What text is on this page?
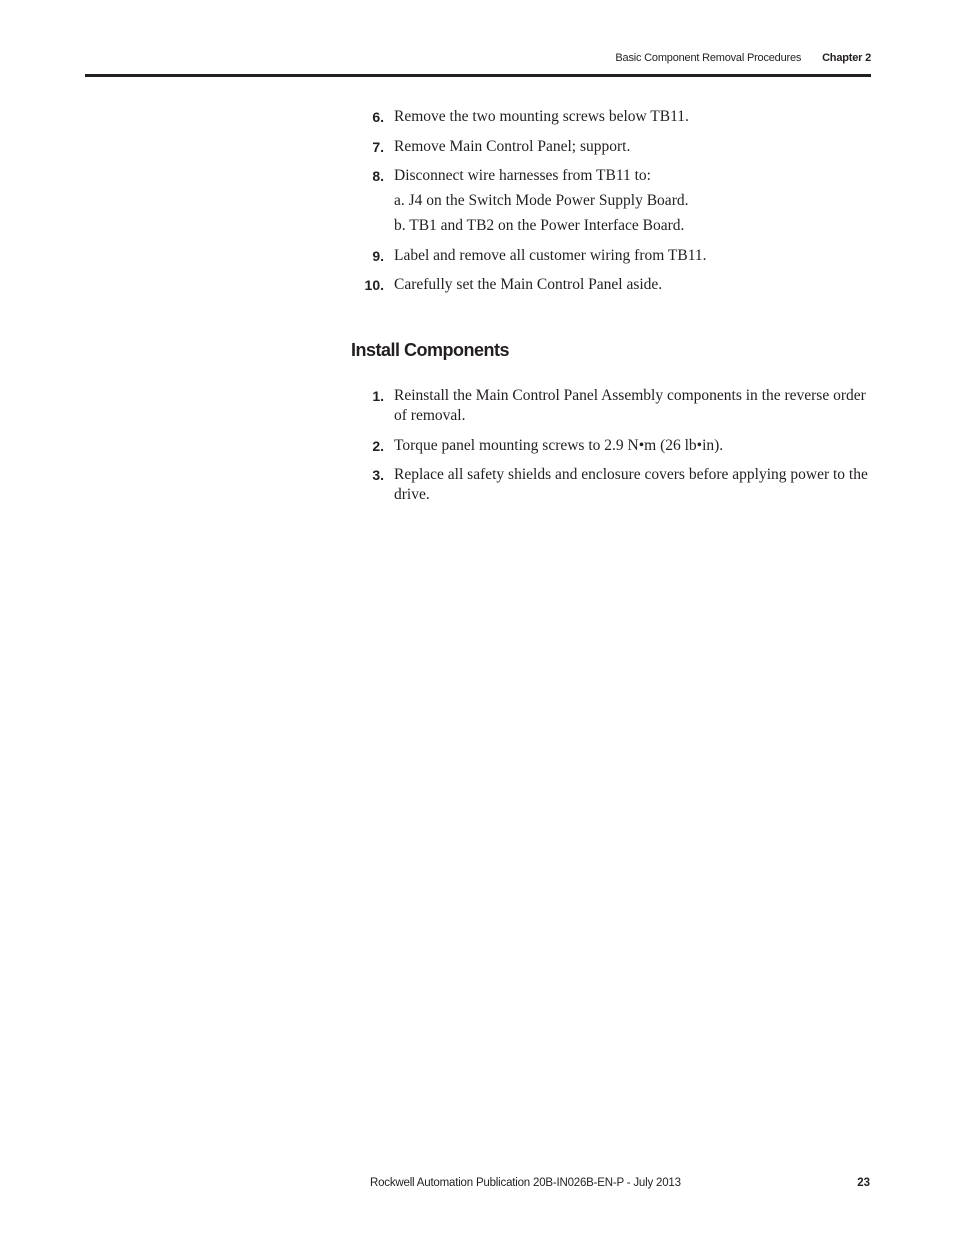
Basic Component Removal Procedures Chapter 2
6. Remove the two mounting screws below TB11.
7. Remove Main Control Panel; support.
8. Disconnect wire harnesses from TB11 to:
a. J4 on the Switch Mode Power Supply Board.
b. TB1 and TB2 on the Power Interface Board.
9. Label and remove all customer wiring from TB11.
10. Carefully set the Main Control Panel aside.
Install Components
1. Reinstall the Main Control Panel Assembly components in the reverse order of removal.
2. Torque panel mounting screws to 2.9 N•m (26 lb•in).
3. Replace all safety shields and enclosure covers before applying power to the drive.
Rockwell Automation Publication 20B-IN026B-EN-P - July 2013	23
